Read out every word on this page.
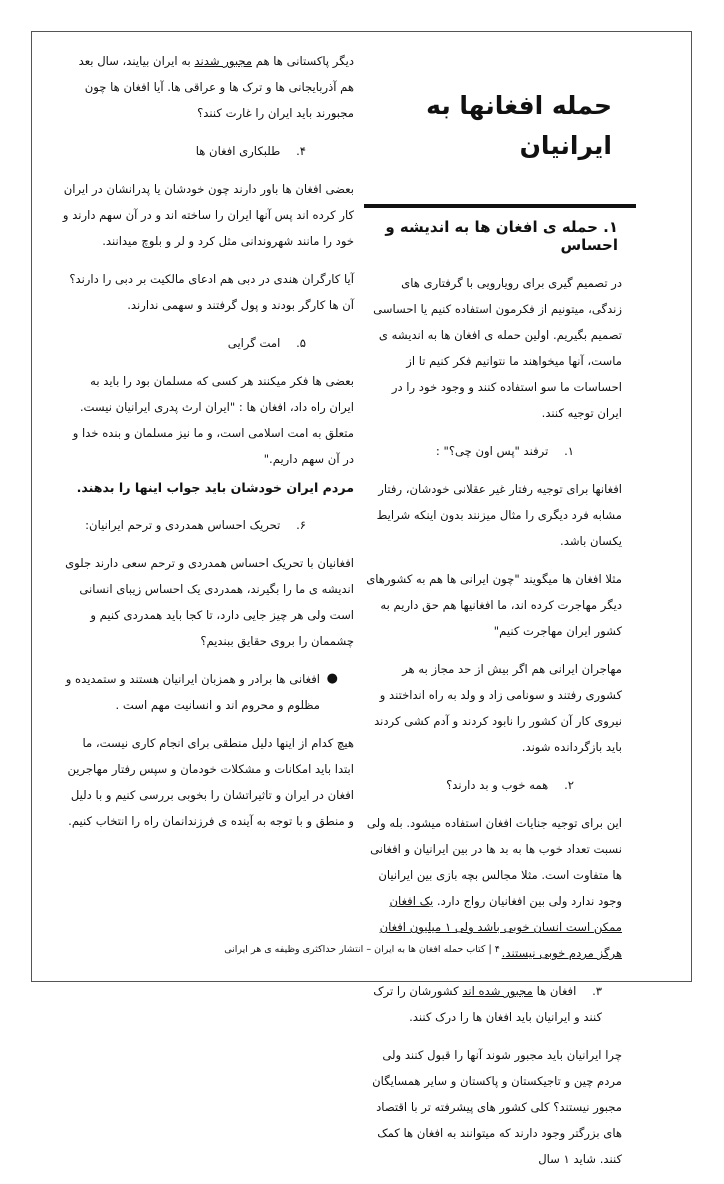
حمله افغانها به ایرانیان
۱. حمله ی افغان ها به اندیشه و احساس

در تصمیم گیری برای رویارویی با گرفتاری های زندگی، میتونیم از فکرمون استفاده کنیم یا احساسی تصمیم بگیریم. اولین حمله ی افغان ها به اندیشه ی ماست، آنها میخواهند ما نتوانیم فکر کنیم تا از احساسات ما سو استفاده کنند و وجود خود را در ایران توجیه کنند.

۱. ترفند "پس اون چی؟" :

افغانها برای توجیه رفتار غیر عقلانی خودشان، رفتار مشابه فرد دیگری را مثال میزنند بدون اینکه شرایط یکسان باشد.

مثلا افغان ها میگویند "چون ایرانی ها هم به کشورهای دیگر مهاجرت کرده اند، ما افغانیها هم حق داریم به کشور ایران مهاجرت کنیم"

مهاجران ایرانی هم اگر بیش از حد مجاز به هر کشوری رفتند و سونامی زاد و ولد به راه انداختند و نیروی کار آن کشور را نابود کردند و آدم کشی کردند باید بازگردانده شوند.

۲. همه خوب و بد دارند؟

این برای توجیه جنایات افغان استفاده میشود. بله ولی نسبت تعداد خوب ها به بد ها در بین ایرانیان و افغانی ها متفاوت است. مثلا مجالس بچه بازی بین ایرانیان وجود ندارد ولی بین افغانیان رواج دارد. یک افغان ممکن است انسان خوبی باشد ولی ۱ میلیون افغان هرگز مردم خوبی نیستند.

۳. افغان ها مجبور شده اند کشورشان را ترک کنند و ایرانیان باید افغان ها را درک کنند.

چرا ایرانیان باید مجبور شوند آنها را قبول کنند ولی مردم چین و تاجیکستان و پاکستان و سایر همسایگان مجبور نیستند؟ کلی کشور های پیشرفته تر با اقتصاد های بزرگتر وجود دارند که میتوانند به افغان ها کمک کنند. شاید ۱ سال

دیگر پاکستانی ها هم مجبور شدند به ایران بیایند، سال بعد هم آذربایجانی ها و ترک ها و عراقی ها. آیا افغان ها چون مجبورند باید ایران را غارت کنند؟

۴. طلبکاری افغان ها

بعضی افغان ها باور دارند چون خودشان یا پدرانشان در ایران کار کرده اند پس آنها ایران را ساخته اند و در آن سهم دارند و خود را مانند شهروندانی مثل کرد و لر و بلوچ میدانند.

آیا کارگران هندی در دبی هم ادعای مالکیت بر دبی را دارند؟ آن ها کارگر بودند و پول گرفتند و سهمی ندارند.

۵. امت گرایی

بعضی ها فکر میکنند هر کسی که مسلمان بود را باید به ایران راه داد، افغان ها : "ایران ارث پدری ایرانیان نیست. متعلق به امت اسلامی است، و ما نیز مسلمان و بنده خدا و در آن سهم داریم."

مردم ایران خودشان باید جواب اینها را بدهند.
۶. تحریک احساس همدردی و ترحم ایرانیان:

افغانیان با تحریک احساس همدردی و ترحم سعی دارند جلوی اندیشه ی ما را بگیرند، همدردی یک احساس زیبای انسانی است ولی هر چیز جایی دارد، تا کجا باید همدردی کنیم و چشممان را بروی حقایق ببندیم؟

●
افغانی ها برادر و همزبان ایرانیان هستند و ستمدیده و مظلوم و محروم اند و انسانیت مهم است .

هیچ کدام از اینها دلیل منطقی برای انجام کاری نیست، ما ابتدا باید امکانات و مشکلات خودمان و سپس رفتار مهاجرین افغان در ایران و تاثیراتشان را بخوبی بررسی کنیم و با دلیل و منطق و با توجه به آینده ی فرزندانمان راه را انتخاب کنیم.

۴ | کتاب حمله افغان ها به ایران – انتشار حداکثری وظیفه ی هر ایرانی
